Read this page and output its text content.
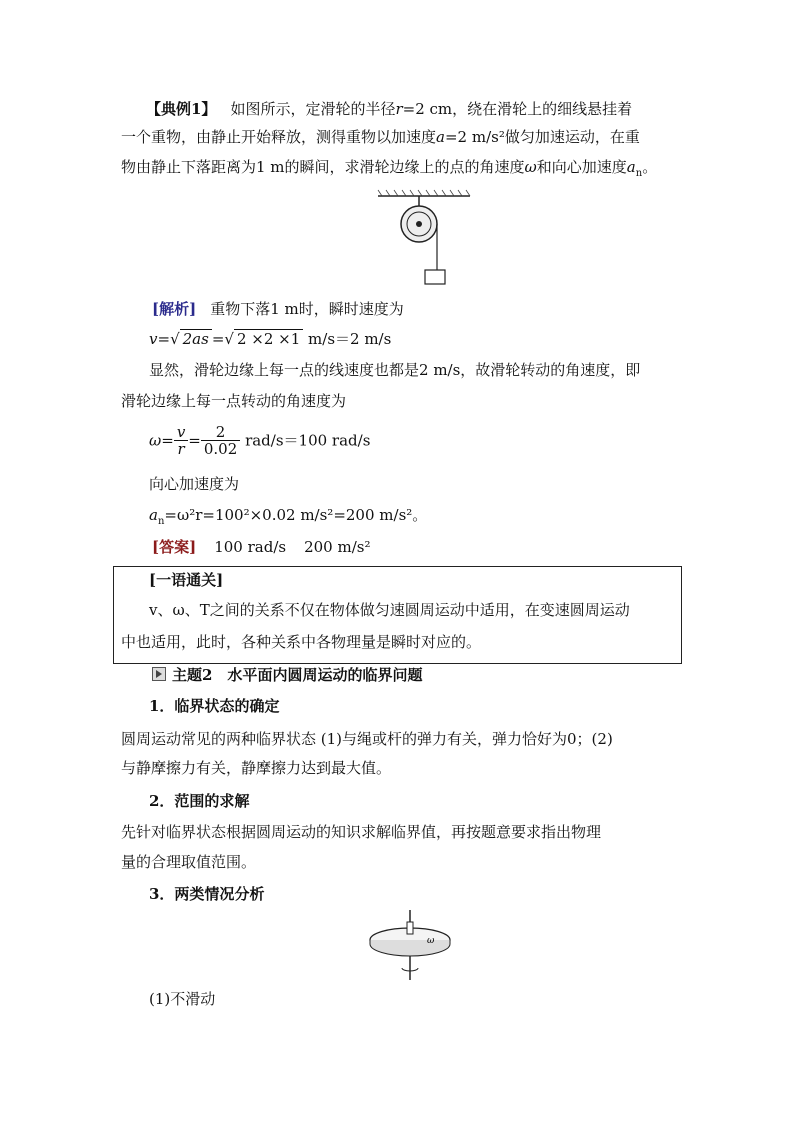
【典例1】 如图所示，定滑轮的半径r=2 cm，绕在滑轮上的细线悬挂着
一个重物，由静止开始释放，测得重物以加速度a=2 m/s²做匀加速运动，在重
物由静止下落距离为1 m的瞬间，求滑轮边缘上的点的角速度ω和向心加速度$a_n$。
[解析] 重物下落1 m时，瞬时速度为
v=√ 2as =√ 2 ×2 ×1 m/s＝2 m/s
显然，滑轮边缘上每一点的线速度也都是2 m/s，故滑轮转动的角速度，即
滑轮边缘上每一点转动的角速度为
$\omega= \frac{v}{r} = \frac{2}{0.02} rad/s=100$ rad/s
向心加速度为
$a_n=\omega^2r=100^2\times 0.02$ m/s²=200 m/s²。
[答案] 100 rad/s 200 m/s²
[一语通关]
v、ω、T之间的关系不仅在物体做匀速圆周运动中适用，在变速圆周运动
中也适用，此时，各种关系中各物理量是瞬时对应的。
主题2　水平面内圆周运动的临界问题
1．临界状态的确定
圆周运动常见的两种临界状态 (1)与绳或杆的弹力有关，弹力恰好为0；(2)
与静摩擦力有关，静摩擦力达到最大值。
2．范围的求解
先针对临界状态根据圆周运动的知识求解临界值，再按题意要求指出物理
量的合理取值范围。
3．两类情况分析
ω
(1)不滑动
